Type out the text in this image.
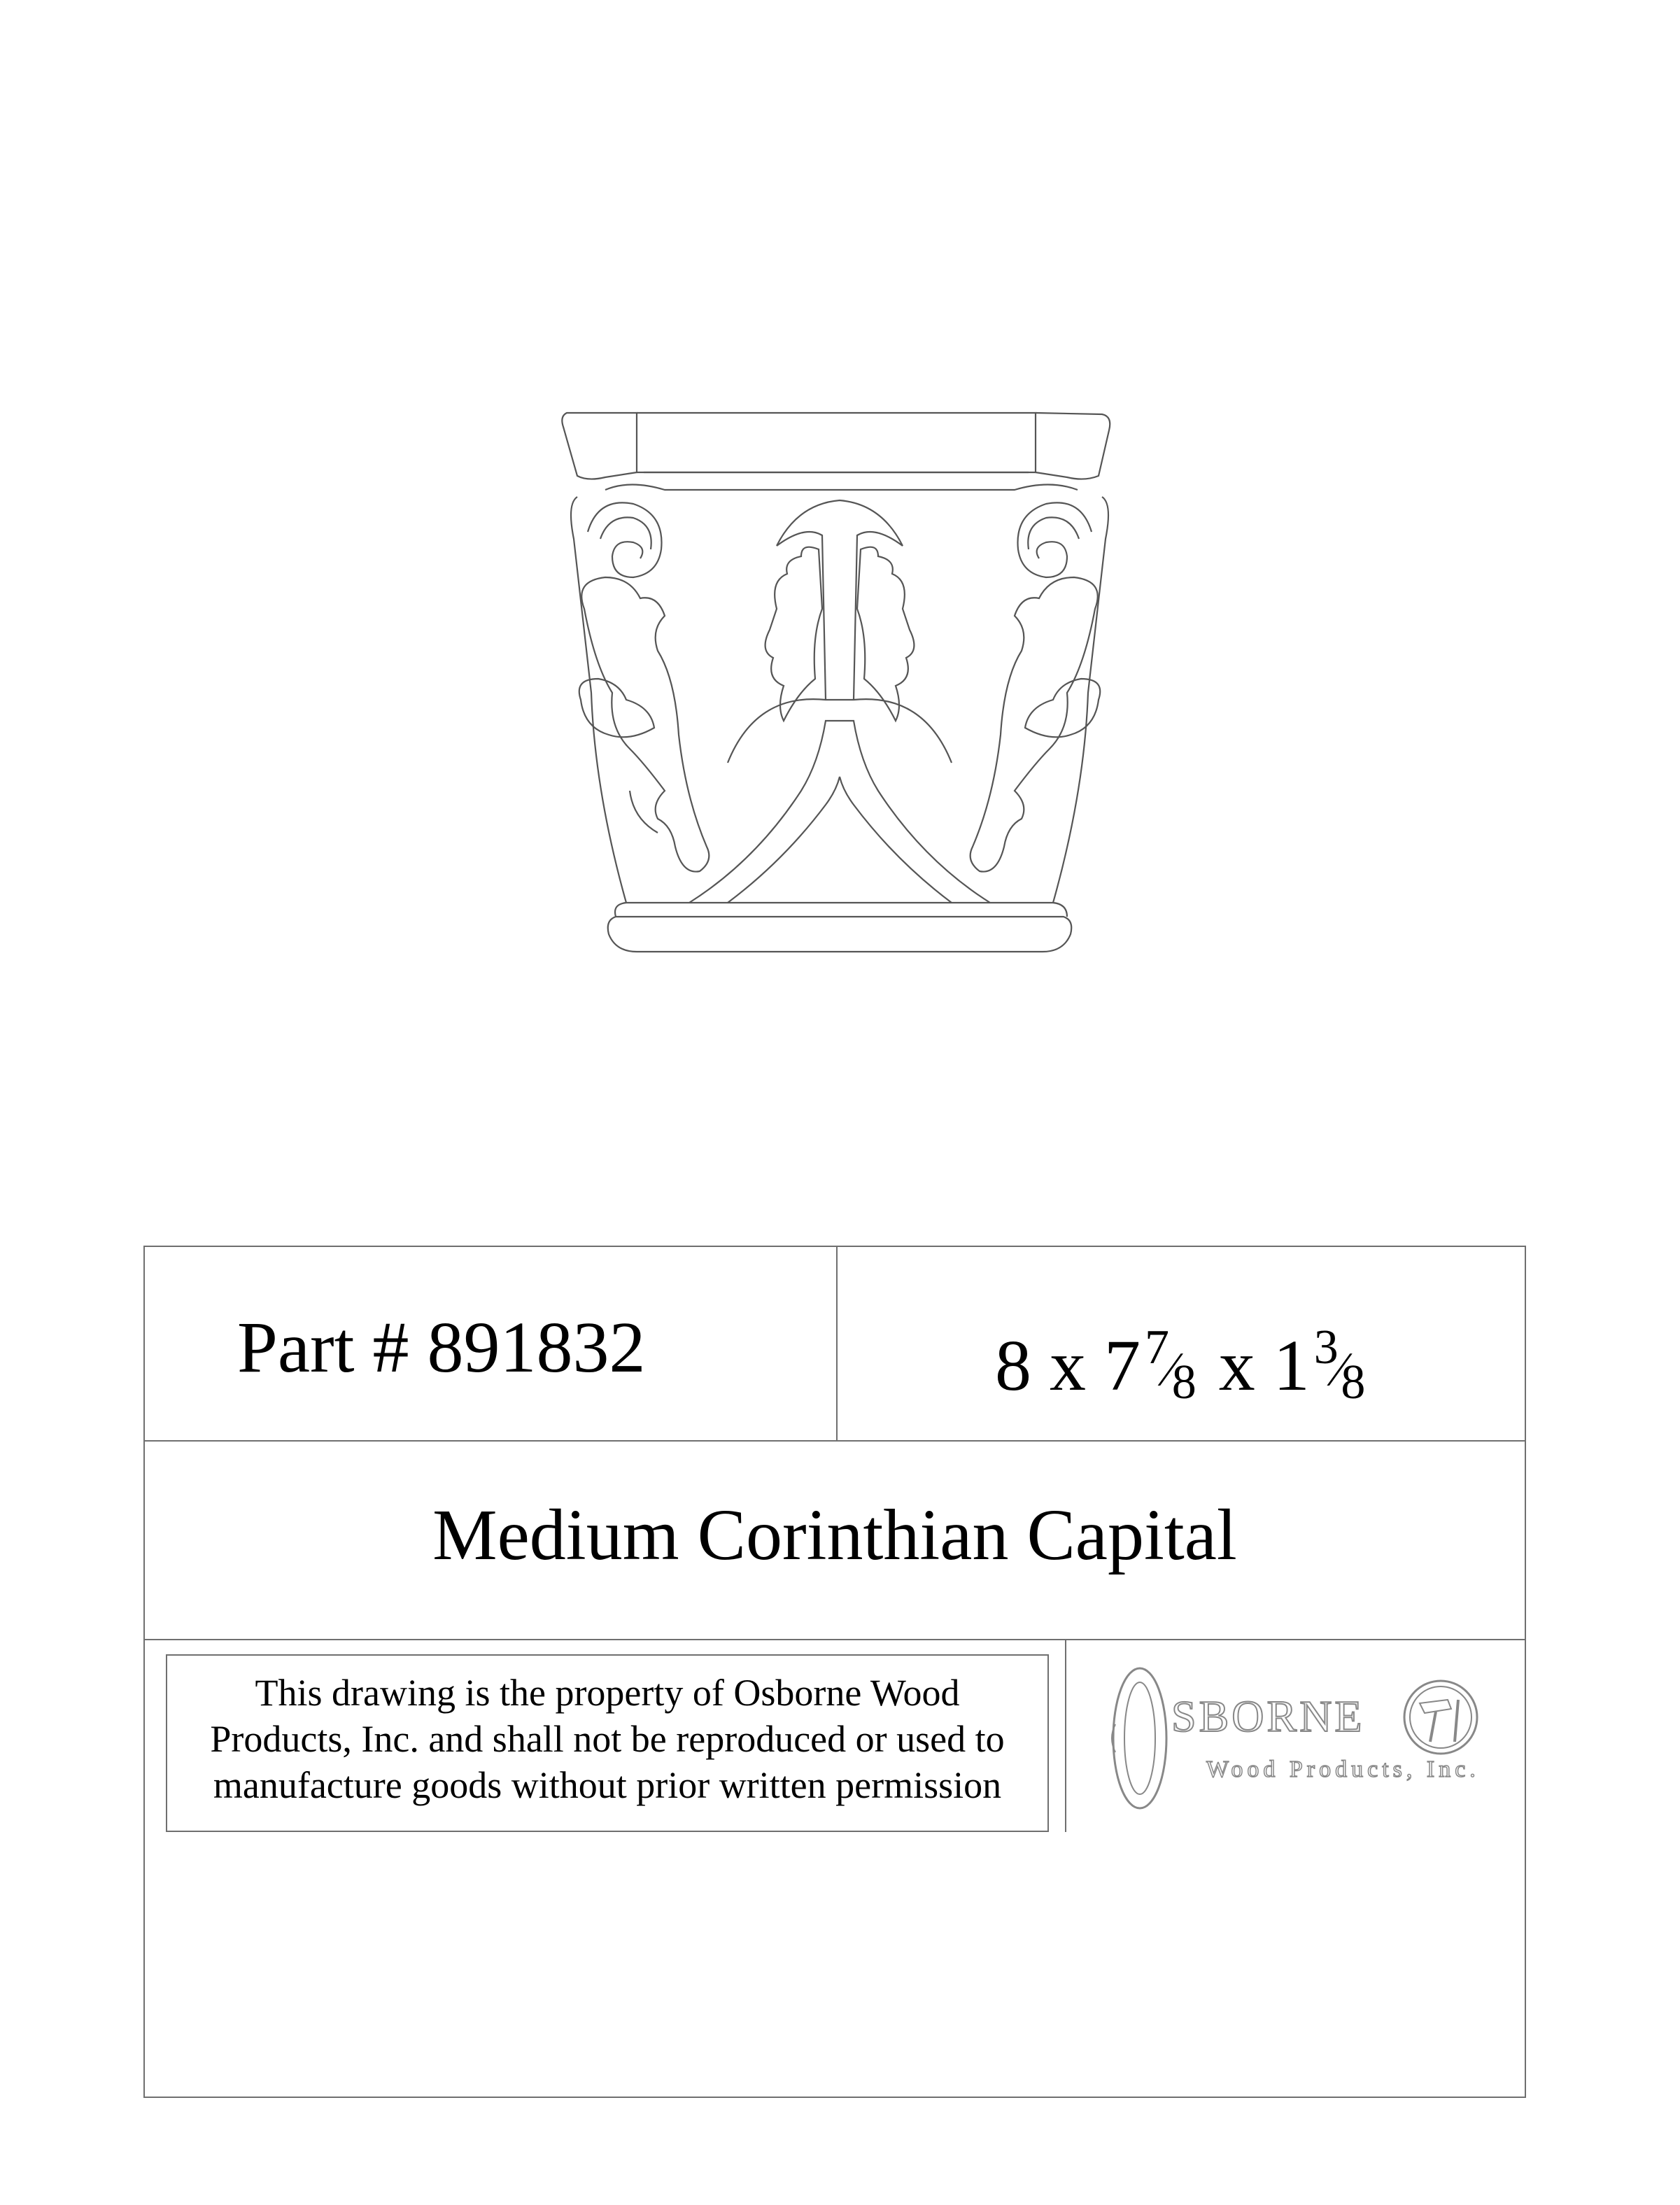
Part # 891832	8 x 77⁄8 x 13⁄8
Medium Corinthian Capital
This drawing is the property of Osborne Wood
Products, Inc. and shall not be reproduced or used to
manufacture goods without prior written permission
SBORNE
Wood Products, Inc.
